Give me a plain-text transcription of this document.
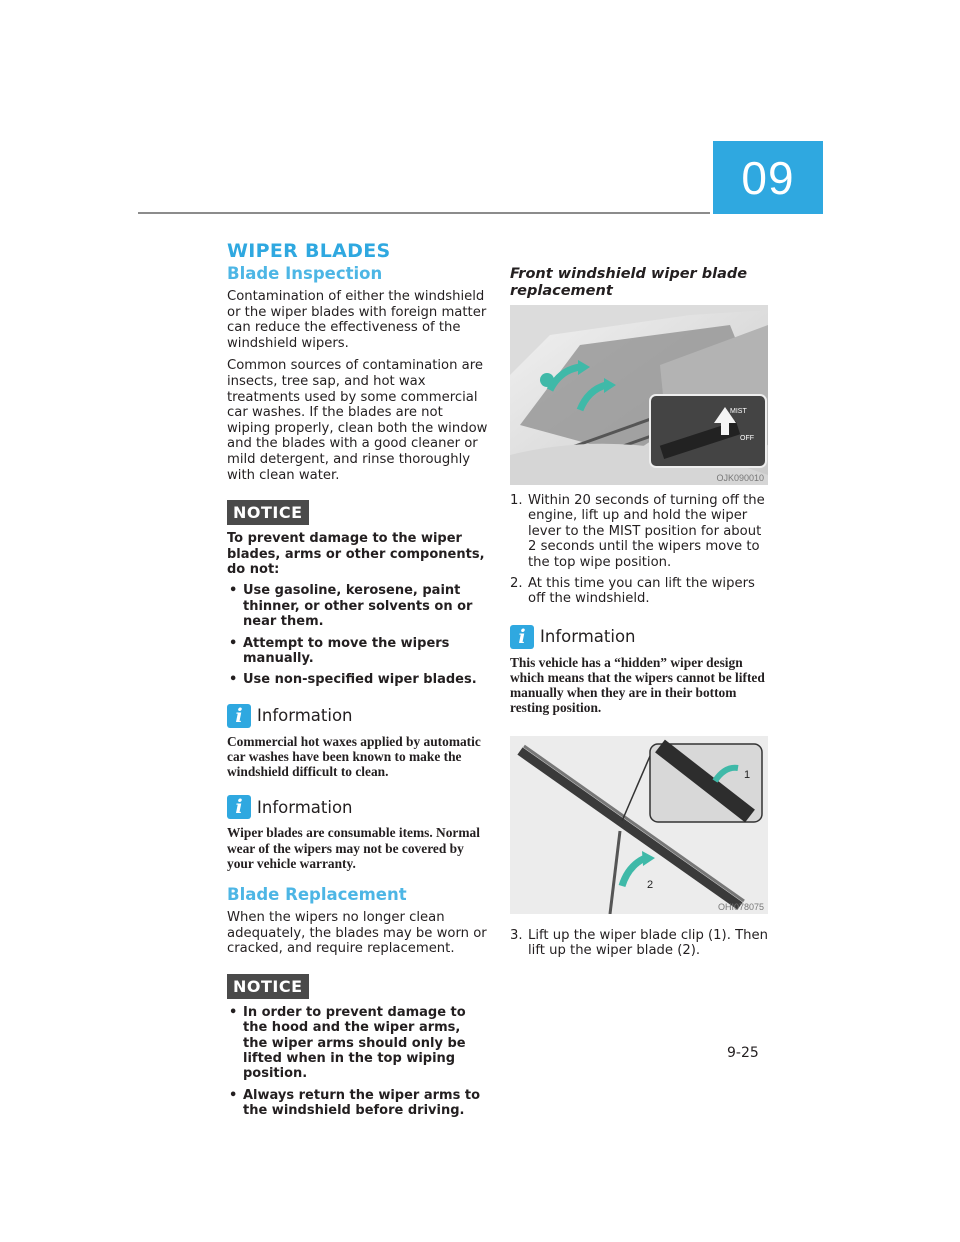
09
WIPER BLADES
Blade Inspection

Contamination of either the windshield or the wiper blades with foreign matter can reduce the effectiveness of the windshield wipers.

Common sources of contamination are insects, tree sap, and hot wax treatments used by some commercial car washes. If the blades are not wiping properly, clean both the window and the blades with a good cleaner or mild detergent, and rinse thoroughly with clean water.

NOTICE

To prevent damage to the wiper blades, arms or other components, do not:

• Use gasoline, kerosene, paint thinner, or other solvents on or near them.
• Attempt to move the wipers manually.
• Use non-specified wiper blades.
i Information

Commercial hot waxes applied by automatic car washes have been known to make the windshield difficult to clean.

i Information

Wiper blades are consumable items. Normal wear of the wipers may not be covered by your vehicle warranty.

Blade Replacement

When the wipers no longer clean adequately, the blades may be worn or cracked, and require replacement.

NOTICE
• In order to prevent damage to the hood and the wiper arms, the wiper arms should only be lifted when in the top wiping position.
• Always return the wiper arms to the windshield before driving.
Front windshield wiper blade replacement
MIST
OFF
OJK090010
1. Within 20 seconds of turning off the engine, lift up and hold the wiper lever to the MIST position for about 2 seconds until the wipers move to the top wipe position.
2. At this time you can lift the wipers off the windshield.
i Information

This vehicle has a “hidden” wiper design which means that the wipers cannot be lifted manually when they are in their bottom resting position.

1
2
OHI078075
3. Lift up the wiper blade clip (1). Then lift up the wiper blade (2).
9-25
